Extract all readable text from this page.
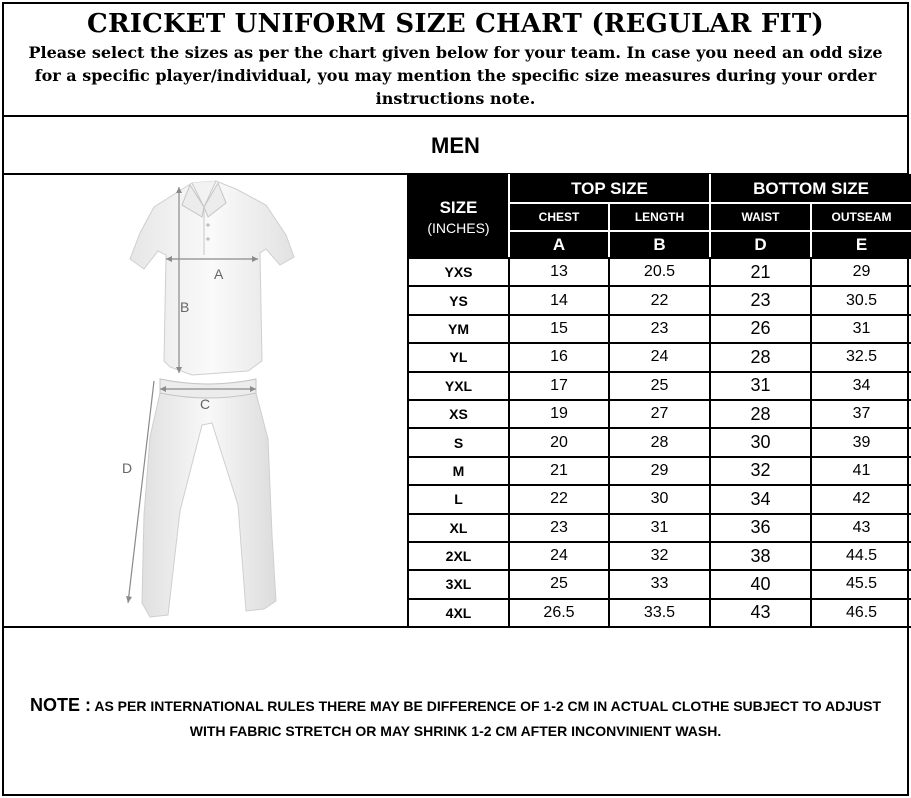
CRICKET UNIFORM SIZE CHART (REGULAR FIT)
Please select the sizes as per the chart given below for your team. In case you need an odd size for a specific player/individual, you may mention the specific size measures during your order instructions note.
MEN
A
B
C
D
SIZE
(INCHES)	TOP SIZE		BOTTOM SIZE	
	CHEST	LENGTH	WAIST	OUTSEAM
	A	B	D	E
YXS	13	20.5	21	29
YS	14	22	23	30.5
YM	15	23	26	31
YL	16	24	28	32.5
YXL	17	25	31	34
XS	19	27	28	37
S	20	28	30	39
M	21	29	32	41
L	22	30	34	42
XL	23	31	36	43
2XL	24	32	38	44.5
3XL	25	33	40	45.5
4XL	26.5	33.5	43	46.5
NOTE : AS PER INTERNATIONAL RULES THERE MAY BE DIFFERENCE OF 1-2 CM IN ACTUAL CLOTHE SUBJECT TO ADJUST WITH FABRIC STRETCH OR MAY SHRINK 1-2 CM AFTER INCONVINIENT WASH.
